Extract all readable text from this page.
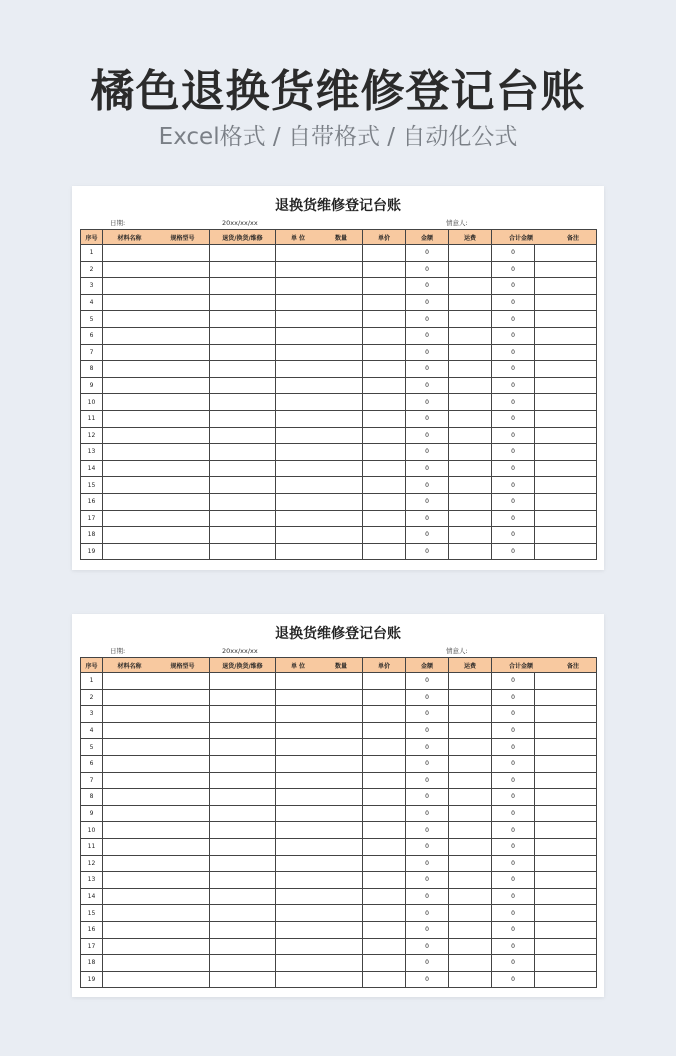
橘色退换货维修登记台账
Excel格式 / 自带格式 / 自动化公式
退换货维修登记台账
日期:	20xx/xx/xx	情意人:
序号	材料名称 规格型号	退货/换货/维修	单 位 数量	单价	金额	运费	合计金额 备注	

1					0		0	
2					0		0	
3					0		0	
4					0		0	
5					0		0	
6					0		0	
7					0		0	
8					0		0	
9					0		0	
10					0		0	
11					0		0	
12					0		0	
13					0		0	
14					0		0	
15					0		0	
16					0		0	
17					0		0	
18					0		0	
19					0		0	
退换货维修登记台账
日期:	20xx/xx/xx	情意人:
序号	材料名称 规格型号	退货/换货/维修	单 位 数量	单价	金额	运费	合计金额 备注	

1					0		0	
2					0		0	
3					0		0	
4					0		0	
5					0		0	
6					0		0	
7					0		0	
8					0		0	
9					0		0	
10					0		0	
11					0		0	
12					0		0	
13					0		0	
14					0		0	
15					0		0	
16					0		0	
17					0		0	
18					0		0	
19					0		0	
